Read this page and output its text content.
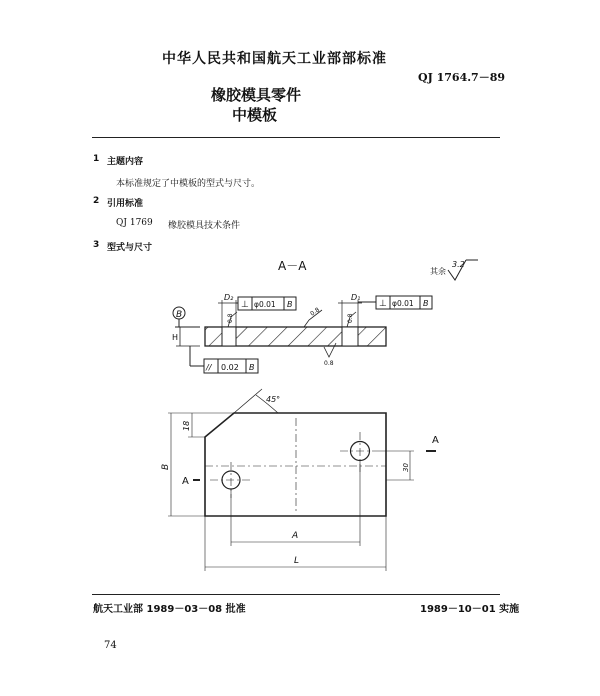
中华人民共和国航天工业部部标准
QJ 1764.7－89
橡胶模具零件
中模板
1 主题内容
本标准规定了中模板的型式与尺寸。
2 引用标准
QJ 1769 橡胶模具技术条件
3 型式与尺寸
A－A	其余
3.2
B
H
D₂	D₁
⊥ φ0.01 B	⊥ φ0.01 B
0.8
0.8
0.8
0.8
// 0.02 B
A
A
45°
18
B	30
A
L
航天工业部 1989－03－08 批准	1989－10－01 实施
74
